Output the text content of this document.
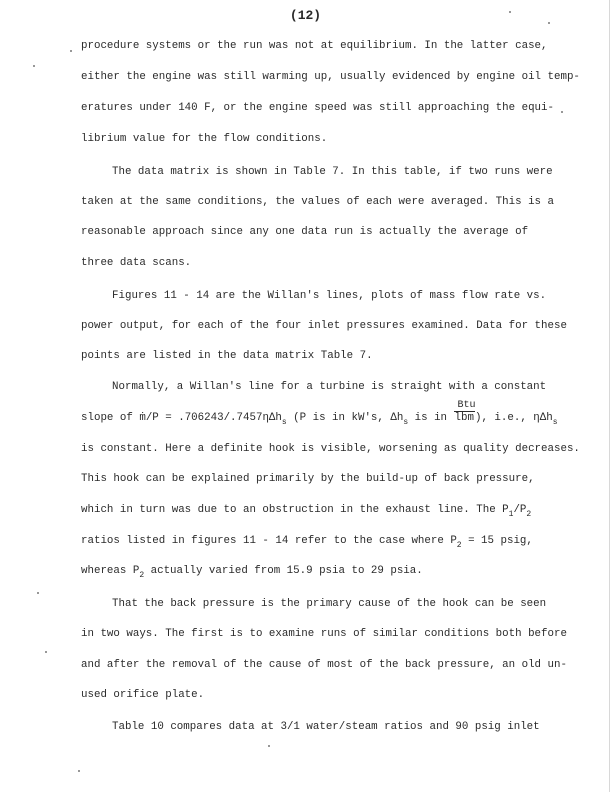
(12)
procedure systems or the run was not at equilibrium. In the latter case,
either the engine was still warming up, usually evidenced by engine oil temp-
eratures under 140 F, or the engine speed was still approaching the equi-
librium value for the flow conditions.
The data matrix is shown in Table 7. In this table, if two runs were
taken at the same conditions, the values of each were averaged. This is a
reasonable approach since any one data run is actually the average of
three data scans.
Figures 11 - 14 are the Willan's lines, plots of mass flow rate vs.
power output, for each of the four inlet pressures examined. Data for these
points are listed in the data matrix Table 7.
Normally, a Willan's line for a turbine is straight with a constant
slope of ṁ/P = .706243/.7457ηΔh$_s$ (P is in kW's, $\Delta h_s$ is in $\frac{\text{Btu}}{\text{lbm}}$), i.e., ηΔh$_s$
is constant. Here a definite hook is visible, worsening as quality decreases.
This hook can be explained primarily by the build-up of back pressure,
which in turn was due to an obstruction in the exhaust line. The $P_1/P_2$
ratios listed in figures 11 - 14 refer to the case where $P_2 = 15$ psig,
whereas $P_2$ actually varied from 15.9 psia to 29 psia.
That the back pressure is the primary cause of the hook can be seen
in two ways. The first is to examine runs of similar conditions both before
and after the removal of the cause of most of the back pressure, an old un-
used orifice plate.
Table 10 compares data at 3/1 water/steam ratios and 90 psig inlet
